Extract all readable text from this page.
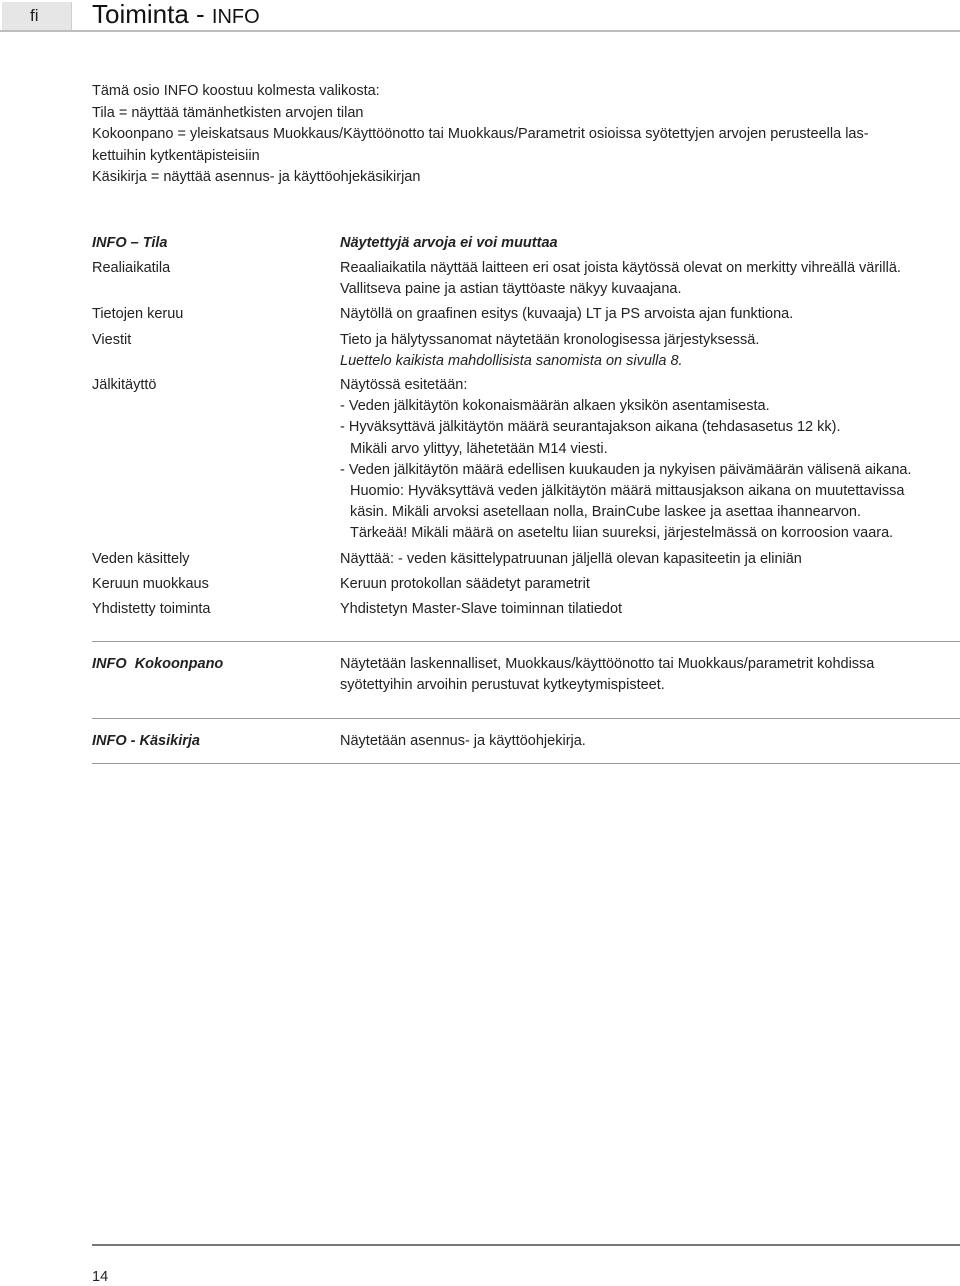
fi	Toiminta - INFO

Tämä osio INFO koostuu kolmesta valikosta:

Tila = näyttää tämänhetkisten arvojen tilan

Kokoonpano = yleiskatsaus Muokkaus/Käyttöönotto tai Muokkaus/Parametrit osioissa syötettyjen arvojen perusteella las-

kettuihin kytkentäpisteisiin

Käsikirja = näyttää asennus- ja käyttöohjekäsikirjan

INFO – Tila	Näytettyjä arvoja ei voi muuttaa
Realiaikatila	Reaaliaikatila näyttää laitteen eri osat joista käytössä olevat on merkitty vihreällä värillä.

Vallitseva paine ja astian täyttöaste näkyy kuvaajana.

Tietojen keruu	Näytöllä on graafinen esitys (kuvaaja) LT ja PS arvoista ajan funktiona.

Viestit	Tieto ja hälytyssanomat näytetään kronologisessa järjestyksessä.

Luettelo kaikista mahdollisista sanomista on sivulla 8.

Jälkitäyttö	Näytössä esitetään:

- Veden jälkitäytön kokonaismäärän alkaen yksikön asentamisesta.

- Hyväksyttävä jälkitäytön määrä seurantajakson aikana (tehdasasetus 12 kk).

Mikäli arvo ylittyy, lähetetään M14 viesti.

- Veden jälkitäytön määrä edellisen kuukauden ja nykyisen päivämäärän välisenä aikana.

Huomio: Hyväksyttävä veden jälkitäytön määrä mittausjakson aikana on muutettavissa

käsin. Mikäli arvoksi asetellaan nolla, BrainCube laskee ja asettaa ihannearvon.

Tärkeää! Mikäli määrä on aseteltu liian suureksi, järjestelmässä on korroosion vaara.

Veden käsittely	Näyttää: - veden käsittelypatruunan jäljellä olevan kapasiteetin ja eliniän

Keruun muokkaus	Keruun protokollan säädetyt parametrit

Yhdistetty toiminta	Yhdistetyn Master-Slave toiminnan tilatiedot

INFO  Kokoonpano	Näytetään laskennalliset, Muokkaus/käyttöönotto tai Muokkaus/parametrit kohdissa

syötettyihin arvoihin perustuvat kytkeytymispisteet.

INFO - Käsikirja	Näytetään asennus- ja käyttöohjekirja.

14
